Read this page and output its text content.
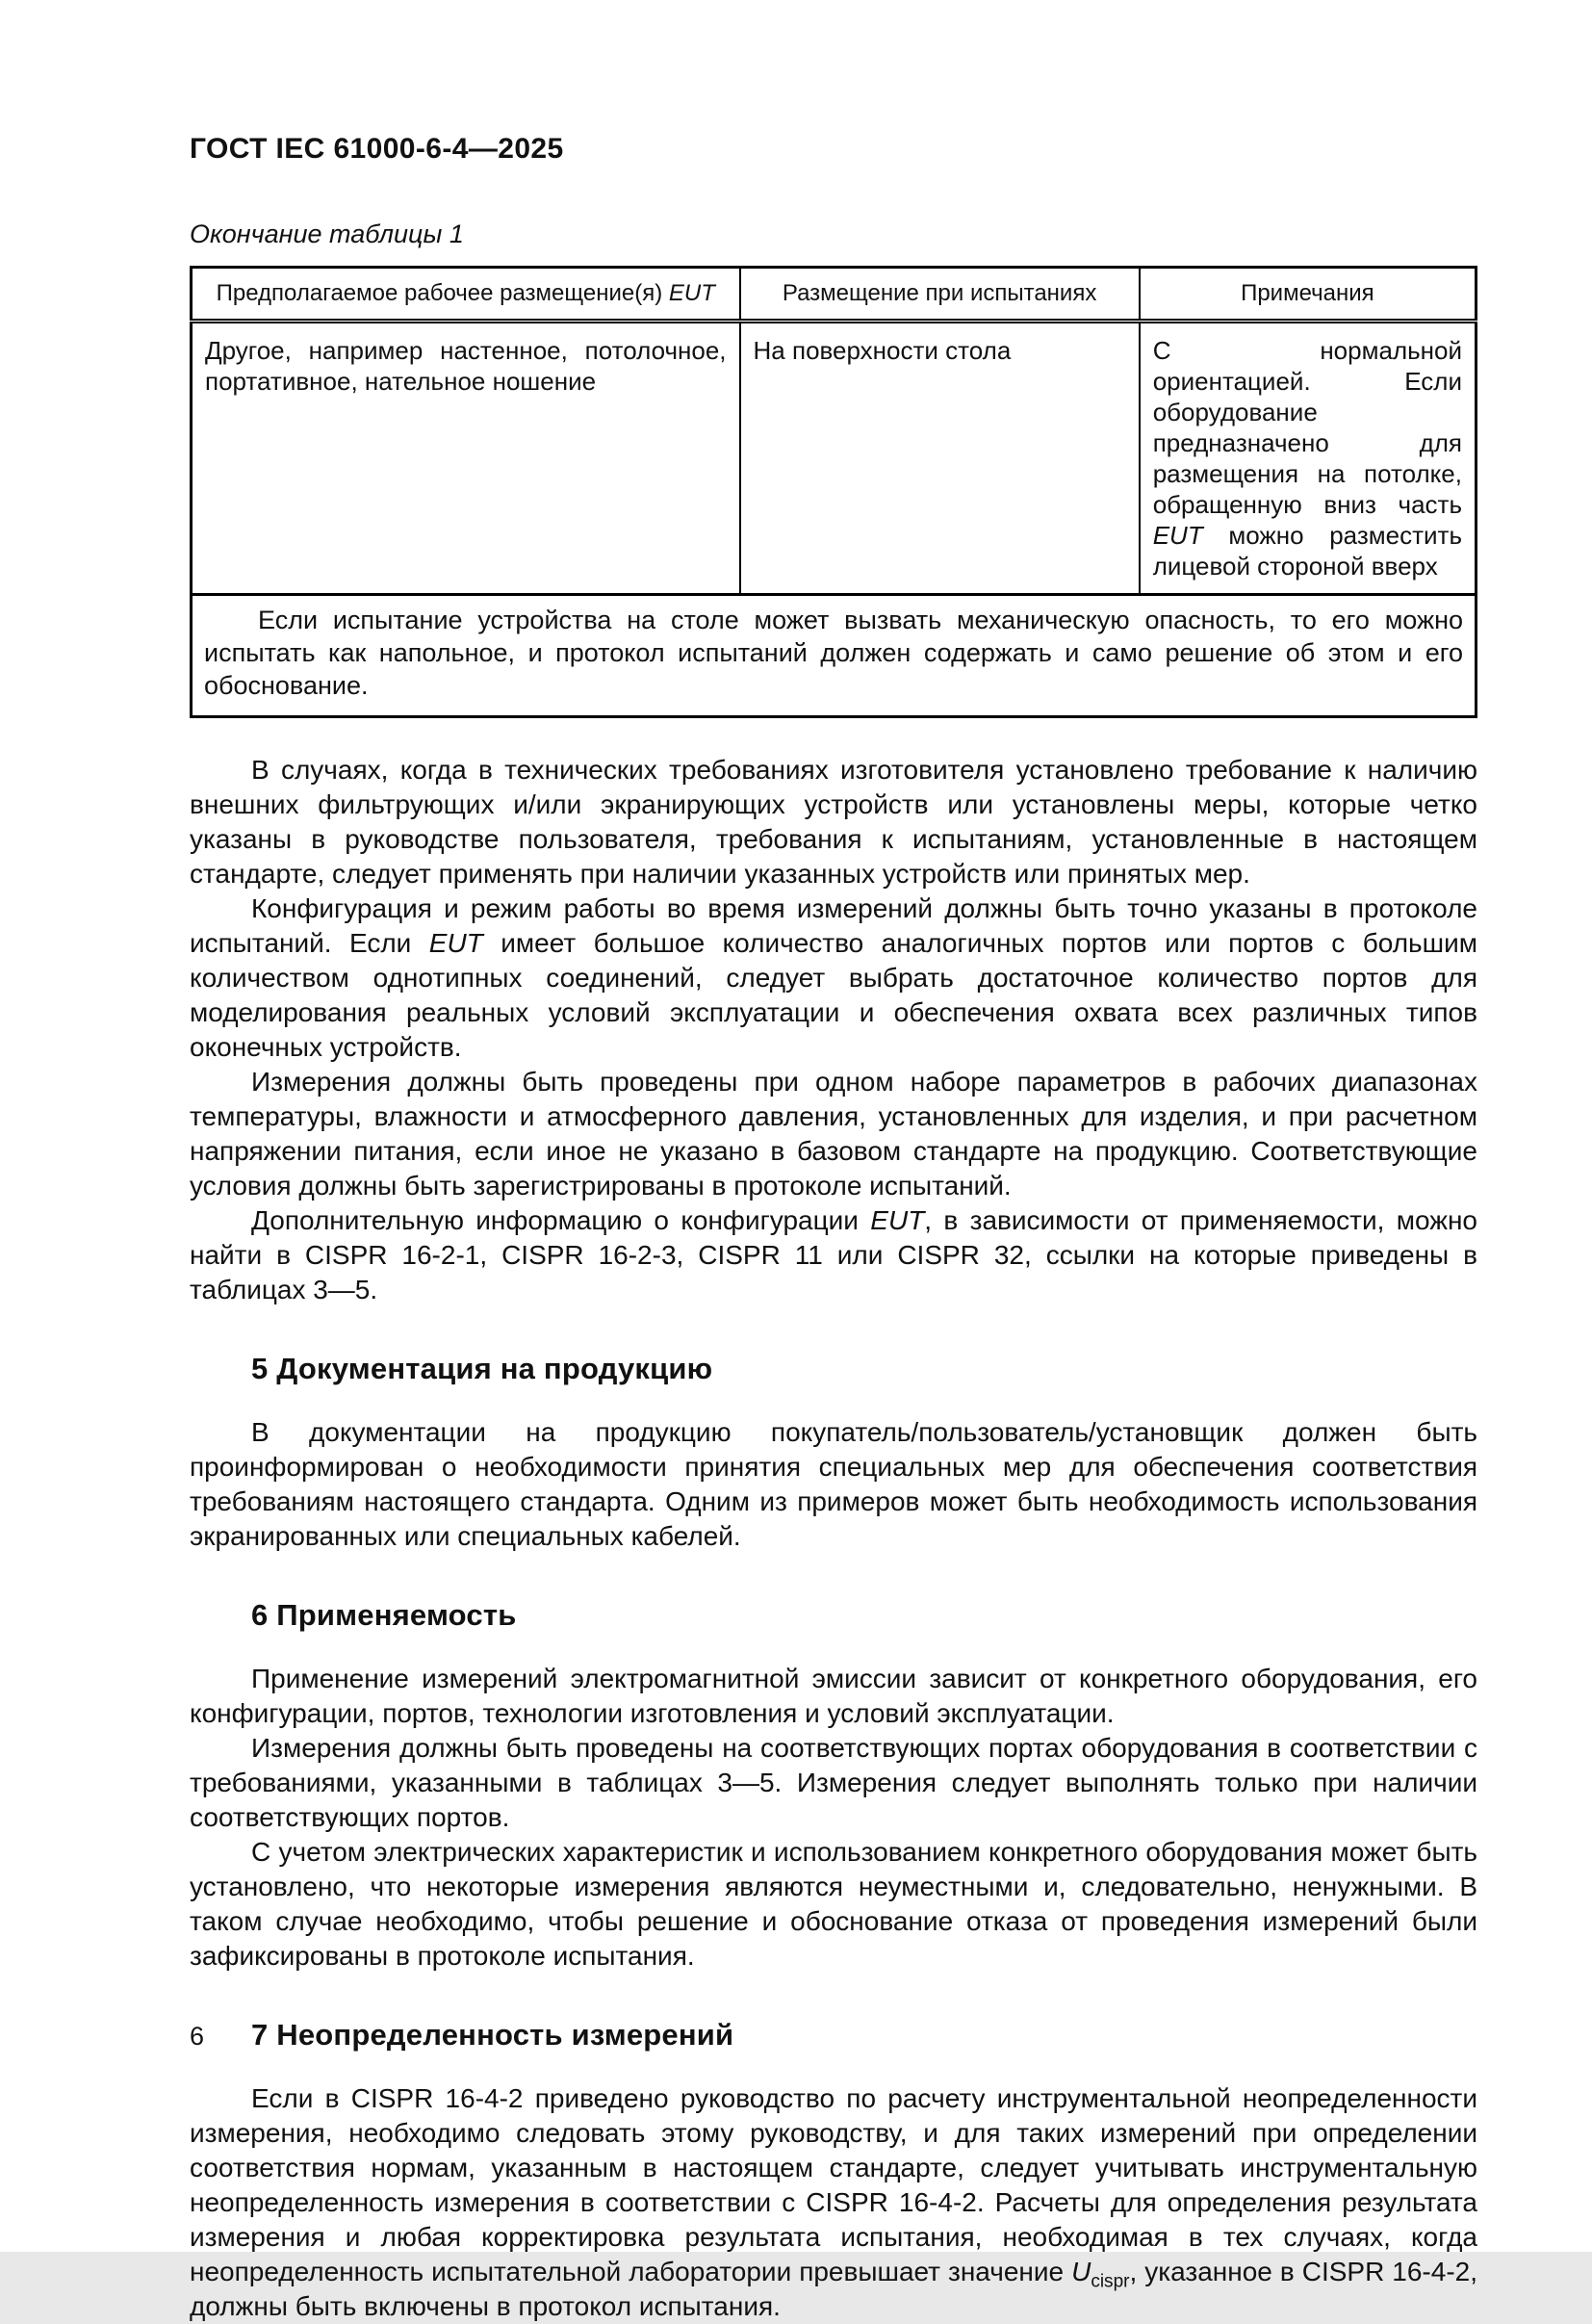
ГОСТ IEC 61000-6-4—2025
Окончание таблицы 1
Предполагаемое рабочее размещение(я) EUT	Размещение при испытаниях	Примечания
Другое, например настенное, потолочное, портативное, нательное ношение	На поверхности стола	С нормальной ориентацией. Если оборудование предназначено для размещения на потолке, обращенную вниз часть EUT можно разместить лицевой стороной вверх
Если испытание устройства на столе может вызвать механическую опасность, то его можно испытать как напольное, и протокол испытаний должен содержать и само решение об этом и его обоснование.		

В случаях, когда в технических требованиях изготовителя установлено требование к наличию внешних фильтрующих и/или экранирующих устройств или установлены меры, которые четко указаны в руководстве пользователя, требования к испытаниям, установленные в настоящем стандарте, следует применять при наличии указанных устройств или принятых мер.

Конфигурация и режим работы во время измерений должны быть точно указаны в протоколе испытаний. Если EUT имеет большое количество аналогичных портов или портов с большим количеством однотипных соединений, следует выбрать достаточное количество портов для моделирования реальных условий эксплуатации и обеспечения охвата всех различных типов оконечных устройств.

Измерения должны быть проведены при одном наборе параметров в рабочих диапазонах температуры, влажности и атмосферного давления, установленных для изделия, и при расчетном напряжении питания, если иное не указано в базовом стандарте на продукцию. Соответствующие условия должны быть зарегистрированы в протоколе испытаний.

Дополнительную информацию о конфигурации EUT, в зависимости от применяемости, можно найти в CISPR 16-2-1, CISPR 16-2-3, CISPR 11 или CISPR 32, ссылки на которые приведены в таблицах 3—5.

5 Документация на продукцию

В документации на продукцию покупатель/пользователь/установщик должен быть проинформирован о необходимости принятия специальных мер для обеспечения соответствия требованиям настоящего стандарта. Одним из примеров может быть необходимость использования экранированных или специальных кабелей.

6 Применяемость

Применение измерений электромагнитной эмиссии зависит от конкретного оборудования, его конфигурации, портов, технологии изготовления и условий эксплуатации.

Измерения должны быть проведены на соответствующих портах оборудования в соответствии с требованиями, указанными в таблицах 3—5. Измерения следует выполнять только при наличии соответствующих портов.

С учетом электрических характеристик и использованием конкретного оборудования может быть установлено, что некоторые измерения являются неуместными и, следовательно, ненужными. В таком случае необходимо, чтобы решение и обоснование отказа от проведения измерений были зафиксированы в протоколе испытания.

7 Неопределенность измерений

Если в CISPR 16-4-2 приведено руководство по расчету инструментальной неопределенности измерения, необходимо следовать этому руководству, и для таких измерений при определении соответствия нормам, указанным в настоящем стандарте, следует учитывать инструментальную неопределенность измерения в соответствии с CISPR 16-4-2. Расчеты для определения результата измерения и любая корректировка результата испытания, необходимая в тех случаях, когда неопределенность испытательной лаборатории превышает значение $U_{cispr}$, указанное в CISPR 16-4-2, должны быть включены в протокол испытания.

6
